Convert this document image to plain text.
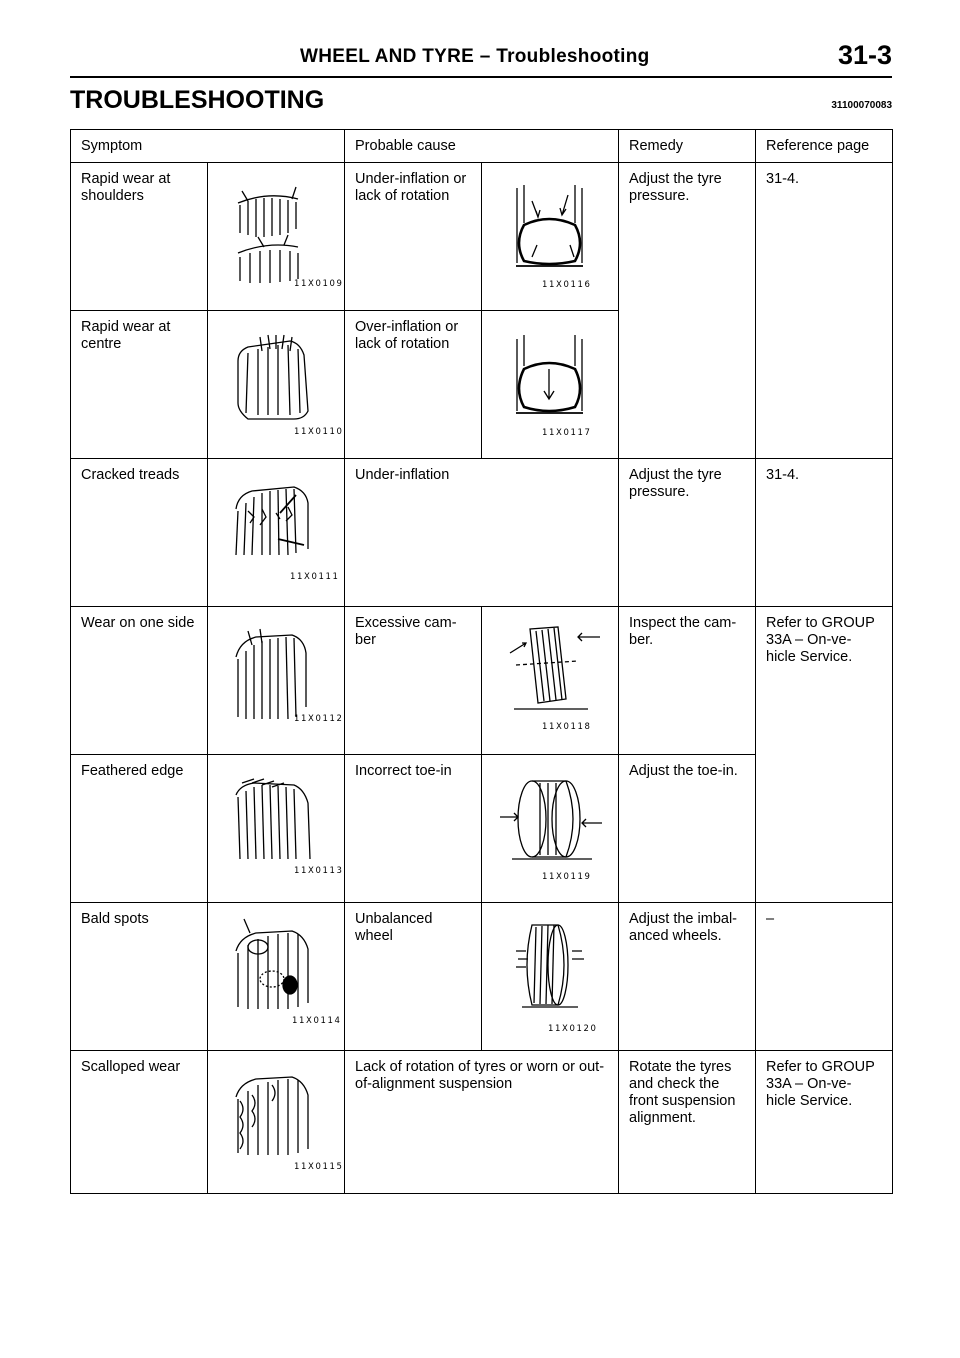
WHEEL AND TYRE – Troubleshooting	31-3
TROUBLESHOOTING	31100070083
Symptom		Probable cause		Remedy	Reference page
Rapid wear at shoulders	11X0109	Under-inflation or lack of rotation	11X0116	Adjust the tyre pressure.	31-4.
Rapid wear at centre	11X0110	Over-inflation or lack of rotation	11X0117		

Cracked treads	11X0111	Under-inflation		Adjust the tyre pressure.	31-4.
Wear on one side	11X0112	Excessive cam- ber	11X0118	Inspect the cam- ber.	Refer to GROUP 33A – On-ve- hicle Service.
Feathered edge	11X0113	Incorrect toe-in	11X0119	Adjust the toe-in.	
Bald spots	11X0114	Unbalanced wheel	11X0120	Adjust the imbal- anced wheels.	–
Scalloped wear	11X0115	Lack of rotation of tyres or worn or out-of-alignment suspension		Rotate the tyres and check the front suspension alignment.	Refer to GROUP 33A – On-ve- hicle Service.
